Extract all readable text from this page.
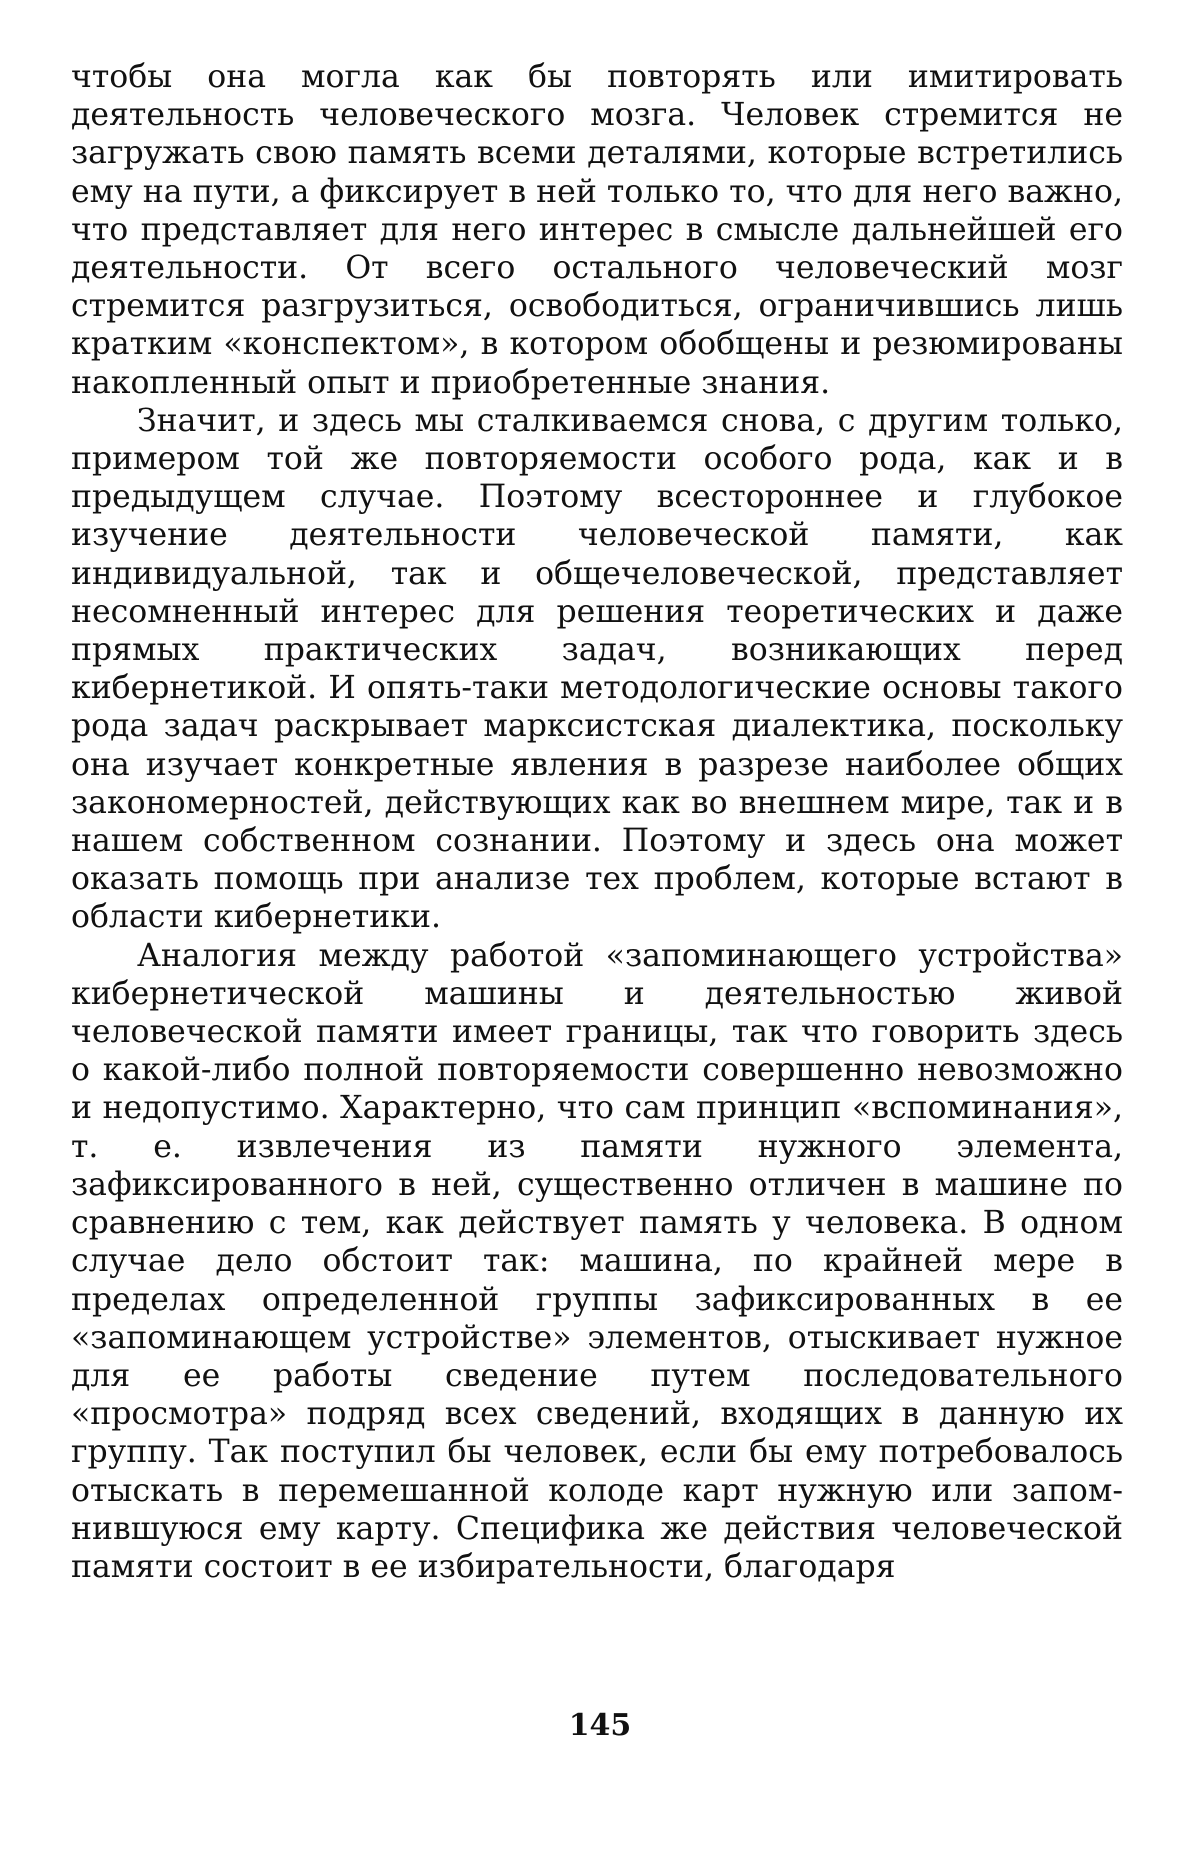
чтобы она могла как бы повторять или имитировать деятельность человеческого мозга. Человек стремится не загружать свою память всеми деталями, которые встретились ему на пути, а фиксирует в ней только то, что для него важно, что представляет для него интерес в смысле дальнейшей его деятельности. От всего остального человеческий мозг стремится разгрузиться, освободиться, ограничившись лишь кратким «конспектом», в котором обобщены и резюмированы накопленный опыт и приобретенные знания.

Значит, и здесь мы сталкиваемся снова, с другим только, примером той же повторяемости особого рода, как и в предыдущем случае. Поэтому всестороннее и глубокое изучение деятельности человеческой памяти, как индивидуальной, так и общечеловеческой, представляет несомненный интерес для решения теоретических и даже прямых практических задач, возникающих перед кибернетикой. И опять-таки методологические основы такого рода задач раскрывает марксистская диалектика, поскольку она изучает конкретные явления в разрезе наиболее общих закономерностей, действующих как во внешнем мире, так и в нашем собственном сознании. Поэтому и здесь она может оказать помощь при анализе тех проблем, которые встают в области кибернетики.

Аналогия между работой «запоминающего устройства» кибернетической машины и деятельностью живой человеческой памяти имеет границы, так что говорить здесь о какой-либо полной повторяемости совершенно невозможно и недопустимо. Характерно, что сам принцип «вспоминания», т. е. извлечения из памяти нужного элемента, зафиксированного в ней, существенно отличен в машине по сравнению с тем, как действует память у человека. В одном случае дело обстоит так: машина, по крайней мере в пределах определенной группы зафиксированных в ее «запоминающем устройстве» элементов, отыскивает нужное для ее работы сведение путем последовательного «просмотра» подряд всех сведений, входящих в данную их группу. Так поступил бы человек, если бы ему потребовалось отыскать в перемешанной колоде карт нужную или запомнившуюся ему карту. Специфика же действия человеческой памяти состоит в ее избирательности, благодаря

145
